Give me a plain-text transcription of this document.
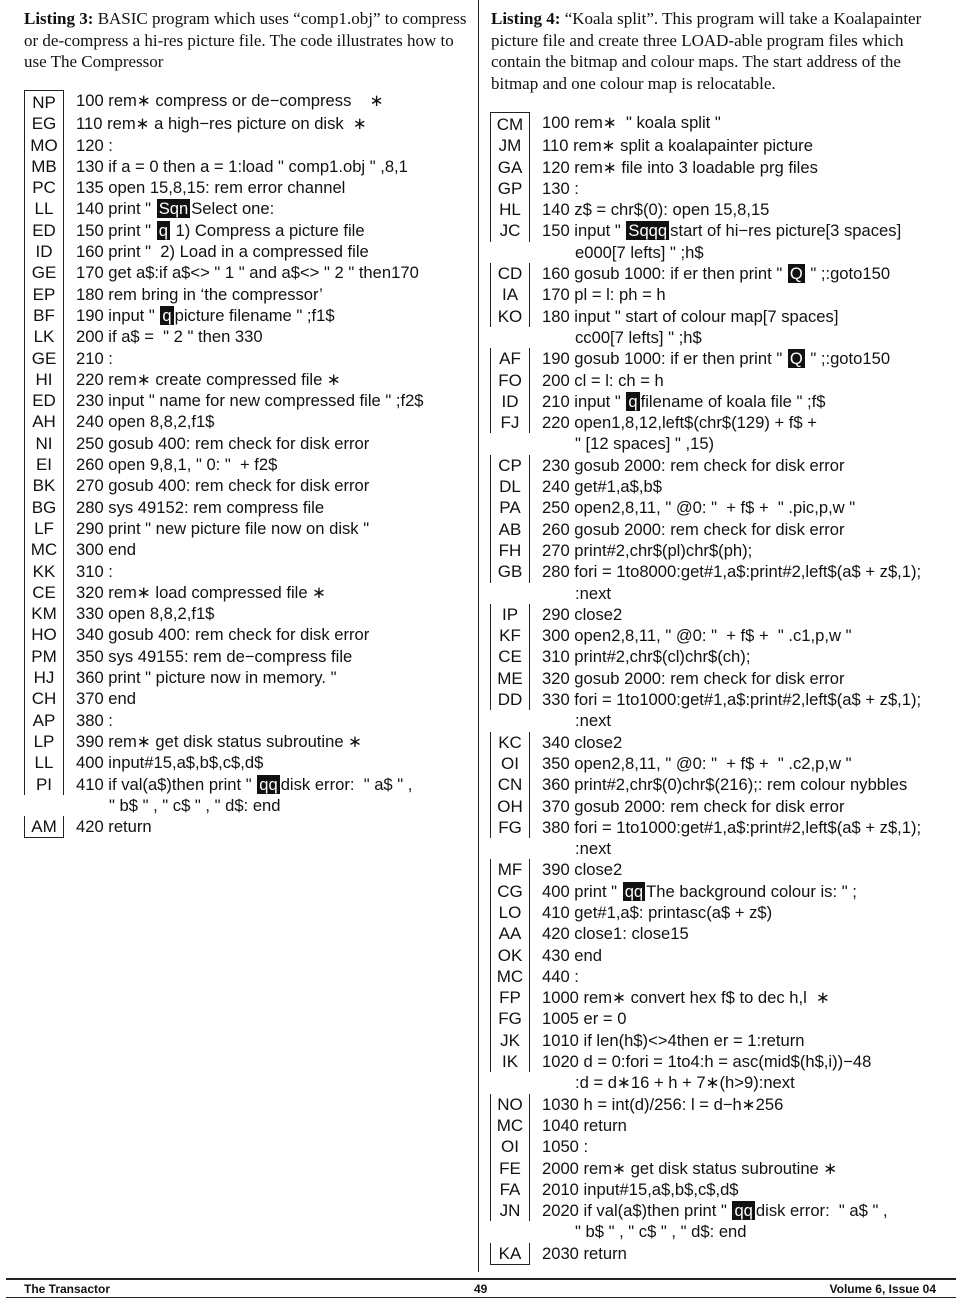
Listing 3: BASIC program which uses “comp1.obj” to compress or de-compress a hi-res picture file. The code illustrates how to use The Compressor
NP	100 rem∗ compress or de−compress    ∗
EG	110 rem∗ a high−res picture on disk  ∗
MO	120 :
MB	130 if a = 0 then a = 1:load " comp1.obj " ,8,1
PC	135 open 15,8,15: rem error channel
LL	140 print " Sqn Select one:
ED	150 print " q 1) Compress a picture file
ID	160 print "  2) Load in a compressed file
GE	170 get a$:if a$<> " 1 " and a$<> " 2 " then170
EP	180 rem bring in ‘the compressor’
BF	190 input " q picture filename " ;f1$
LK	200 if a$ =  " 2 " then 330
GE	210 :
HI	220 rem∗ create compressed file ∗
ED	230 input " name for new compressed file " ;f2$
AH	240 open 8,8,2,f1$
NI	250 gosub 400: rem check for disk error
EI	260 open 9,8,1, " 0: "  + f2$
BK	270 gosub 400: rem check for disk error
BG	280 sys 49152: rem compress file
LF	290 print " new picture file now on disk "
MC	300 end
KK	310 :
CE	320 rem∗ load compressed file ∗
KM	330 open 8,8,2,f1$
HO	340 gosub 400: rem check for disk error
PM	350 sys 49155: rem de−compress file
HJ	360 print " picture now in memory. "
CH	370 end
AP	380 :
LP	390 rem∗ get disk status subroutine ∗
LL	400 input#15,a$,b$,c$,d$
PI	410 if val(a$)then print " qq disk error:  " a$ " ,
" b$ " , " c$ " , " d$: end
AM	420 return
Listing 4: “Koala split”. This program will take a Koalapainter picture file and create three LOAD-able program files which contain the bitmap and colour maps. The start address of the bitmap and one colour map is relocatable.
CM	100 rem∗  " koala split "
JM	110 rem∗ split a koalapainter picture
GA	120 rem∗ file into 3 loadable prg files
GP	130 :
HL	140 z$ = chr$(0): open 15,8,15
JC	150 input " Sqqq start of hi−res picture[3 spaces]
e000[7 lefts] " ;h$
CD	160 gosub 1000: if er then print " Q " ;:goto150
IA	170 pl = l: ph = h
KO	180 input " start of colour map[7 spaces]
cc00[7 lefts] " ;h$
AF	190 gosub 1000: if er then print " Q " ;:goto150
FO	200 cl = l: ch = h
ID	210 input " q filename of koala file " ;f$
FJ	220 open1,8,12,left$(chr$(129) + f$ +
" [12 spaces] " ,15)
CP	230 gosub 2000: rem check for disk error
DL	240 get#1,a$,b$
PA	250 open2,8,11, " @0: "  + f$ +  " .pic,p,w "
AB	260 gosub 2000: rem check for disk error
FH	270 print#2,chr$(pl)chr$(ph);
GB	280 fori = 1to8000:get#1,a$:print#2,left$(a$ + z$,1);
:next
IP	290 close2
KF	300 open2,8,11, " @0: "  + f$ +  " .c1,p,w "
CE	310 print#2,chr$(cl)chr$(ch);
ME	320 gosub 2000: rem check for disk error
DD	330 fori = 1to1000:get#1,a$:print#2,left$(a$ + z$,1);
:next
KC	340 close2
OI	350 open2,8,11, " @0: "  + f$ +  " .c2,p,w "
CN	360 print#2,chr$(0)chr$(216);: rem colour nybbles
OH	370 gosub 2000: rem check for disk error
FG	380 fori = 1to1000:get#1,a$:print#2,left$(a$ + z$,1);
:next
MF	390 close2
CG	400 print " qq The background colour is: " ;
LO	410 get#1,a$: printasc(a$ + z$)
AA	420 close1: close15
OK	430 end
MC	440 :
FP	1000 rem∗ convert hex f$ to dec h,l  ∗
FG	1005 er = 0
JK	1010 if len(h$)<>4then er = 1:return
IK	1020 d = 0:fori = 1to4:h = asc(mid$(h$,i))−48
:d = d∗16 + h + 7∗(h>9):next
NO	1030 h = int(d)/256: l = d−h∗256
MC	1040 return
OI	1050 :
FE	2000 rem∗ get disk status subroutine ∗
FA	2010 input#15,a$,b$,c$,d$
JN	2020 if val(a$)then print " qq disk error:  " a$ " ,
" b$ " , " c$ " , " d$: end
KA	2030 return
The Transactor	49	Volume 6, Issue 04
